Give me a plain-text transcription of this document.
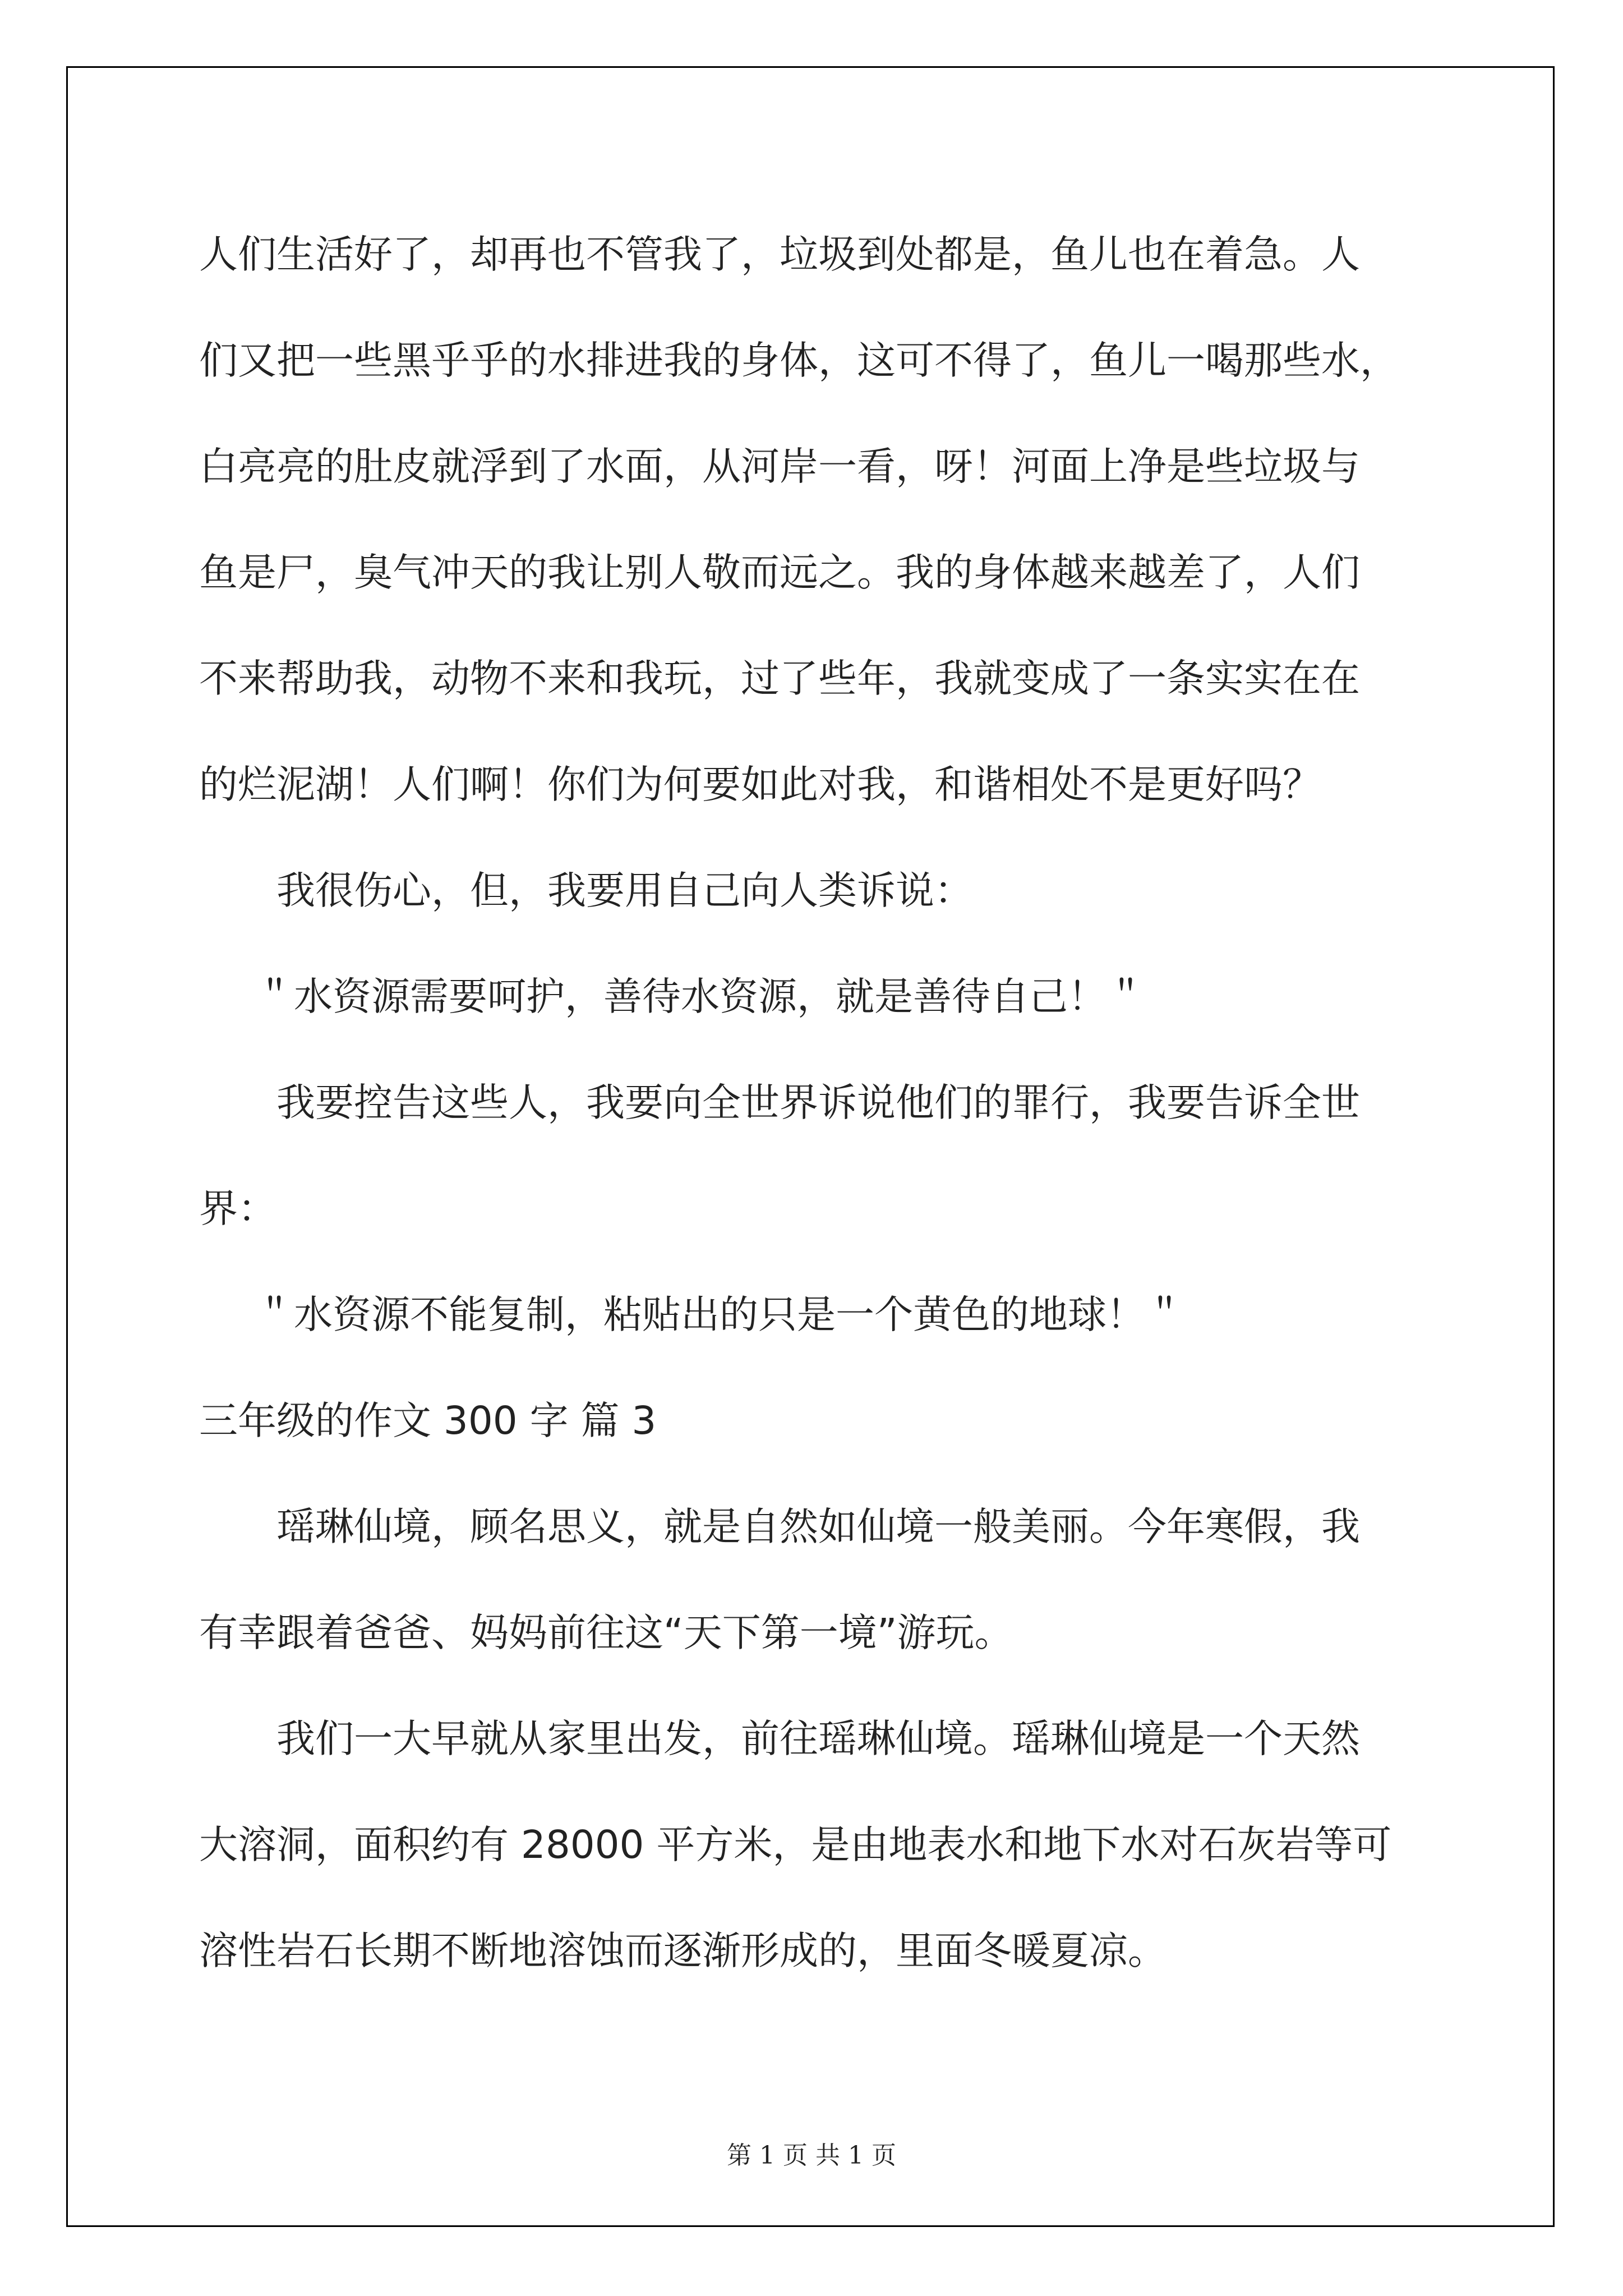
人们生活好了，却再也不管我了，垃圾到处都是，鱼儿也在着急。人
们又把一些黑乎乎的水排进我的身体，这可不得了，鱼儿一喝那些水，
白亮亮的肚皮就浮到了水面，从河岸一看，呀！河面上净是些垃圾与
鱼是尸，臭气冲天的我让别人敬而远之。我的身体越来越差了，人们
不来帮助我，动物不来和我玩，过了些年，我就变成了一条实实在在
的烂泥湖！人们啊！你们为何要如此对我，和谐相处不是更好吗？
我很伤心，但，我要用自己向人类诉说：
＂水资源需要呵护，善待水资源，就是善待自己！＂
我要控告这些人，我要向全世界诉说他们的罪行，我要告诉全世
界：
＂水资源不能复制，粘贴出的只是一个黄色的地球！＂
三年级的作文 300 字 篇 3
瑶琳仙境，顾名思义，就是自然如仙境一般美丽。今年寒假，我
有幸跟着爸爸、妈妈前往这“天下第一境”游玩。
我们一大早就从家里出发，前往瑶琳仙境。瑶琳仙境是一个天然
大溶洞，面积约有 28000 平方米，是由地表水和地下水对石灰岩等可
溶性岩石长期不断地溶蚀而逐渐形成的，里面冬暖夏凉。
第 1 页 共 1 页
